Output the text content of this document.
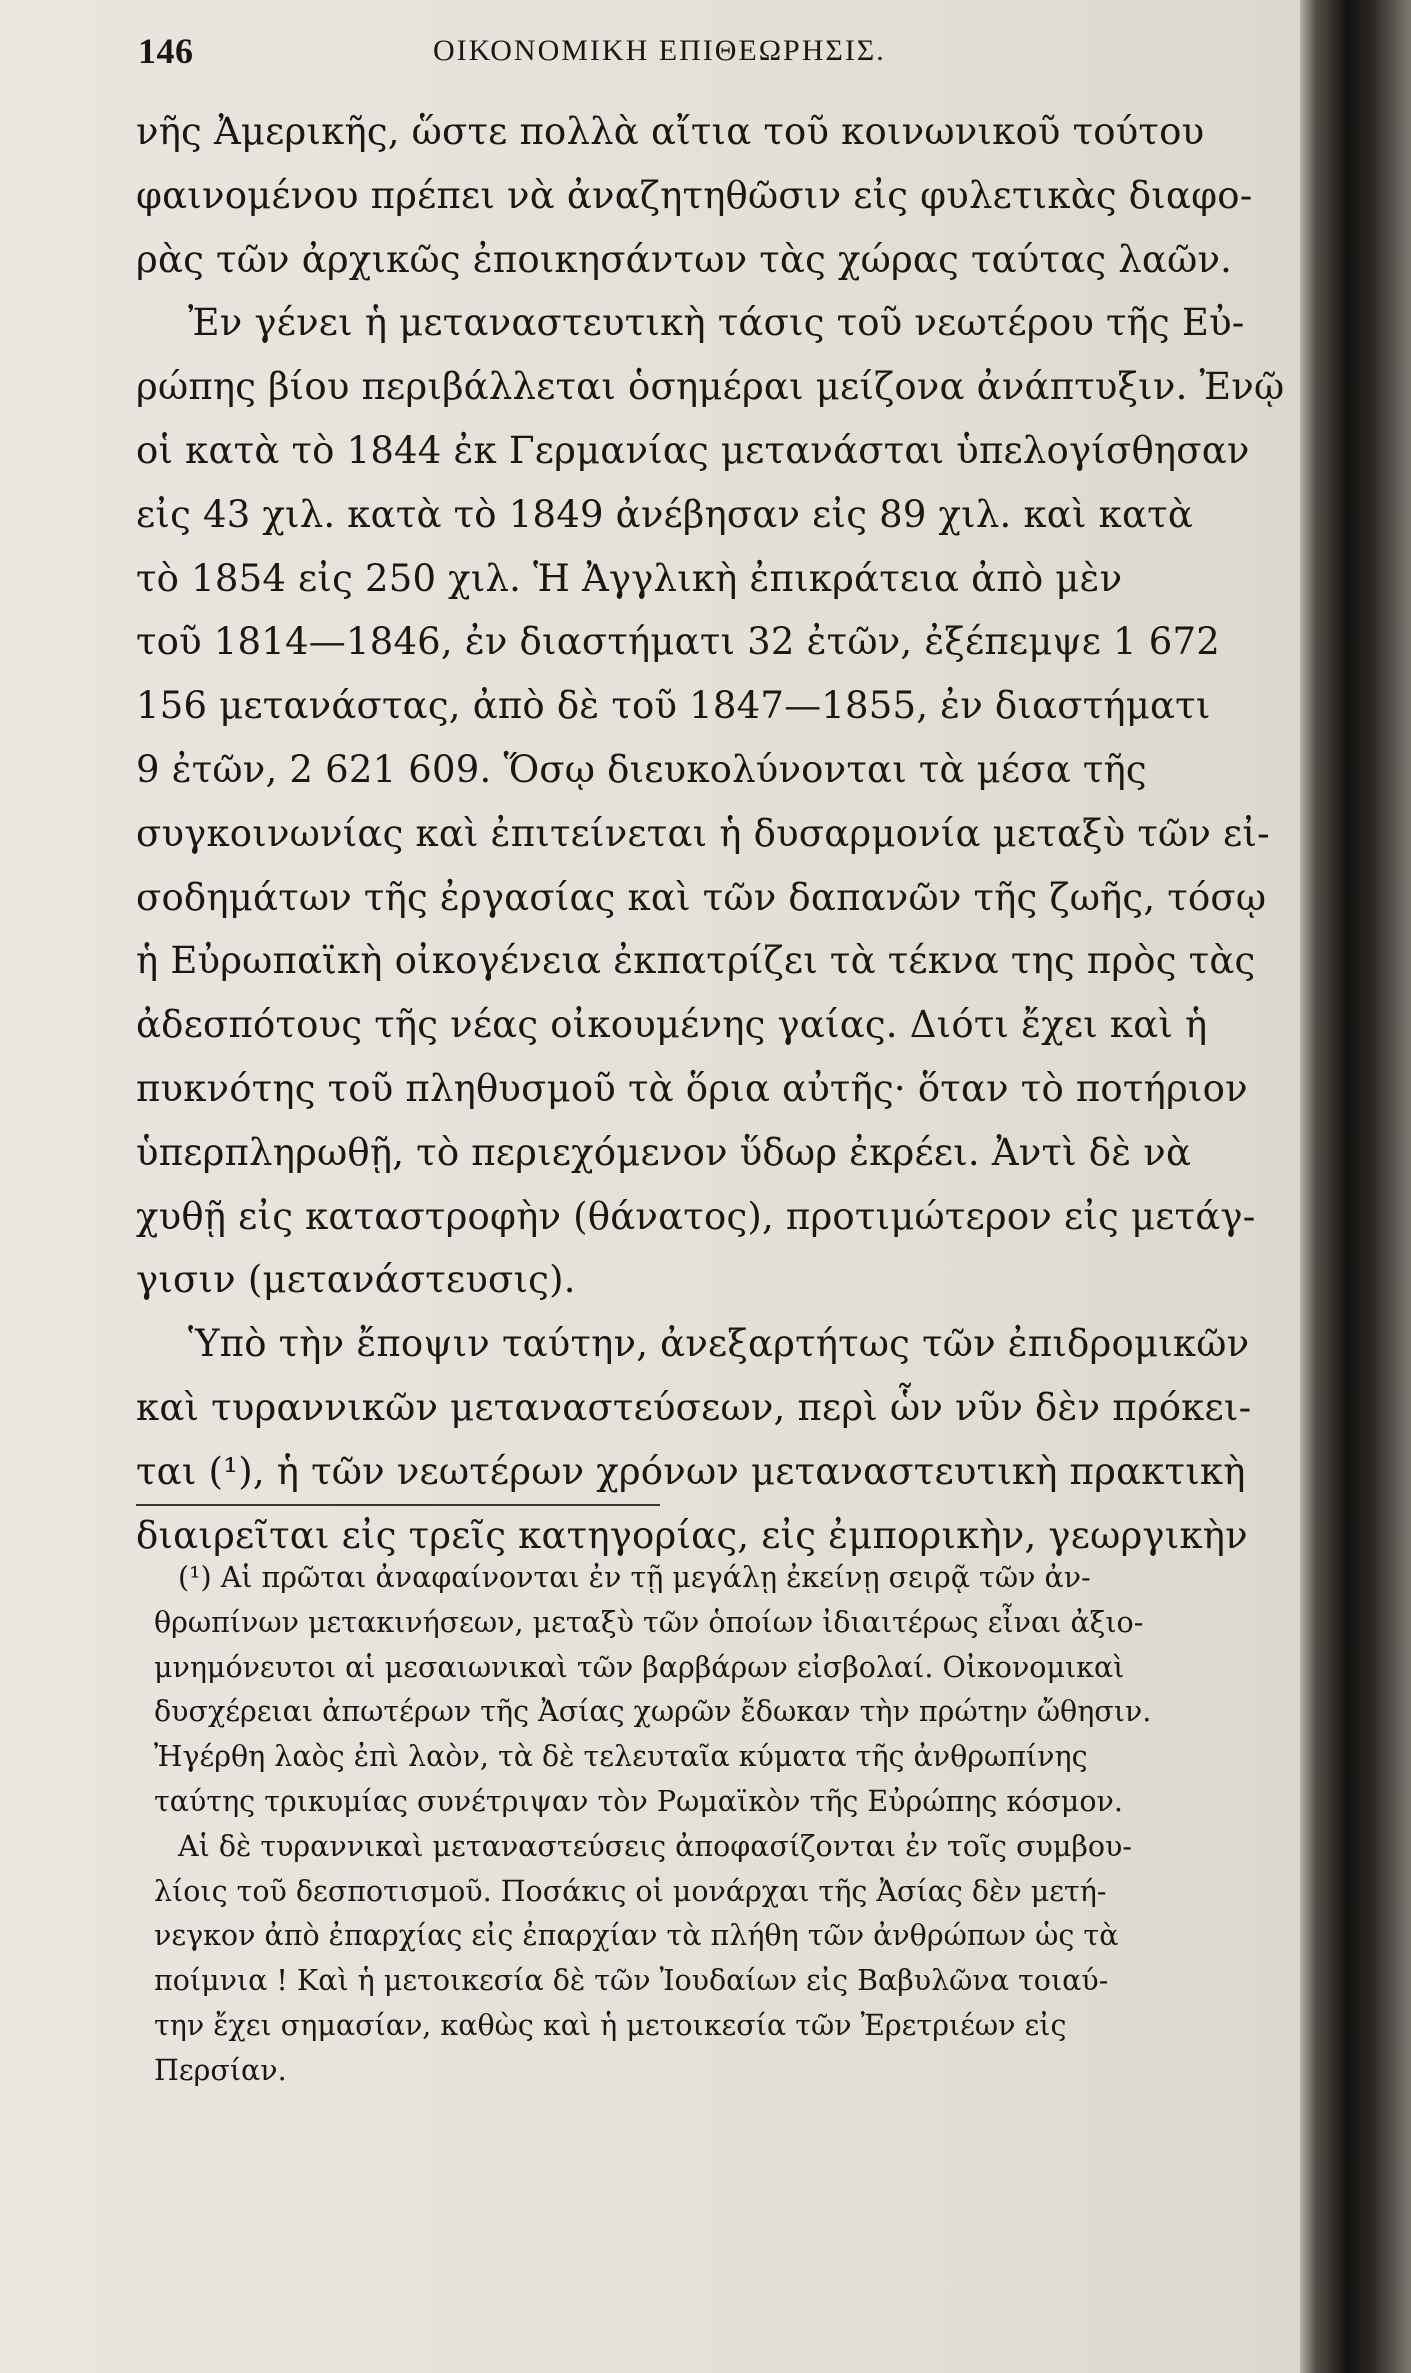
146	ΟΙΚΟΝΟΜΙΚΗ ΕΠΙΘΕΩΡΗΣΙΣ.
νῆς Ἀμερικῆς, ὥστε πολλὰ αἴτια τοῦ κοινωνικοῦ τούτου
φαινομένου πρέπει νὰ ἀναζητηθῶσιν εἰς φυλετικὰς διαφο-
ρὰς τῶν ἀρχικῶς ἐποικησάντων τὰς χώρας ταύτας λαῶν.
Ἐν γένει ἡ μεταναστευτικὴ τάσις τοῦ νεωτέρου τῆς Εὐ-
ρώπης βίου περιβάλλεται ὁσημέραι μείζονα ἀνάπτυξιν. Ἐνῷ
οἱ κατὰ τὸ 1844 ἐκ Γερμανίας μετανάσται ὑπελογίσθησαν
εἰς 43 χιλ. κατὰ τὸ 1849 ἀνέβησαν εἰς 89 χιλ. καὶ κατὰ
τὸ 1854 εἰς 250 χιλ. Ἡ Ἀγγλικὴ ἐπικράτεια ἀπὸ μὲν
τοῦ 1814—1846, ἐν διαστήματι 32 ἐτῶν, ἐξέπεμψε 1 672
156 μετανάστας, ἀπὸ δὲ τοῦ 1847—1855, ἐν διαστήματι
9 ἐτῶν, 2 621 609. Ὅσῳ διευκολύνονται τὰ μέσα τῆς
συγκοινωνίας καὶ ἐπιτείνεται ἡ δυσαρμονία μεταξὺ τῶν εἰ-
σοδημάτων τῆς ἐργασίας καὶ τῶν δαπανῶν τῆς ζωῆς, τόσῳ
ἡ Εὐρωπαϊκὴ οἰκογένεια ἐκπατρίζει τὰ τέκνα της πρὸς τὰς
ἀδεσπότους τῆς νέας οἰκουμένης γαίας. Διότι ἔχει καὶ ἡ
πυκνότης τοῦ πληθυσμοῦ τὰ ὅρια αὐτῆς· ὅταν τὸ ποτήριον
ὑπερπληρωθῇ, τὸ περιεχόμενον ὕδωρ ἐκρέει. Ἀντὶ δὲ νὰ
χυθῇ εἰς καταστροφὴν (θάνατος), προτιμώτερον εἰς μετάγ-
γισιν (μετανάστευσις).
Ὑπὸ τὴν ἔποψιν ταύτην, ἀνεξαρτήτως τῶν ἐπιδρομικῶν
καὶ τυραννικῶν μεταναστεύσεων, περὶ ὧν νῦν δὲν πρόκει-
ται (¹), ἡ τῶν νεωτέρων χρόνων μεταναστευτικὴ πρακτικὴ
διαιρεῖται εἰς τρεῖς κατηγορίας, εἰς ἐμπορικὴν, γεωργικὴν
(¹) Αἱ πρῶται ἀναφαίνονται ἐν τῇ μεγάλῃ ἐκείνῃ σειρᾷ τῶν ἀν-
θρωπίνων μετακινήσεων, μεταξὺ τῶν ὁποίων ἰδιαιτέρως εἶναι ἀξιο-
μνημόνευτοι αἱ μεσαιωνικαὶ τῶν βαρβάρων εἰσβολαί. Οἰκονομικαὶ
δυσχέρειαι ἀπωτέρων τῆς Ἀσίας χωρῶν ἔδωκαν τὴν πρώτην ὤθησιν.
Ἠγέρθη λαὸς ἐπὶ λαὸν, τὰ δὲ τελευταῖα κύματα τῆς ἀνθρωπίνης
ταύτης τρικυμίας συνέτριψαν τὸν Ρωμαϊκὸν τῆς Εὐρώπης κόσμον.
Αἱ δὲ τυραννικαὶ μεταναστεύσεις ἀποφασίζονται ἐν τοῖς συμβου-
λίοις τοῦ δεσποτισμοῦ. Ποσάκις οἱ μονάρχαι τῆς Ἀσίας δὲν μετή-
νεγκον ἀπὸ ἐπαρχίας εἰς ἐπαρχίαν τὰ πλήθη τῶν ἀνθρώπων ὡς τὰ
ποίμνια ! Καὶ ἡ μετοικεσία δὲ τῶν Ἰουδαίων εἰς Βαβυλῶνα τοιαύ-
την ἔχει σημασίαν, καθὼς καὶ ἡ μετοικεσία τῶν Ἐρετριέων εἰς
Περσίαν.
